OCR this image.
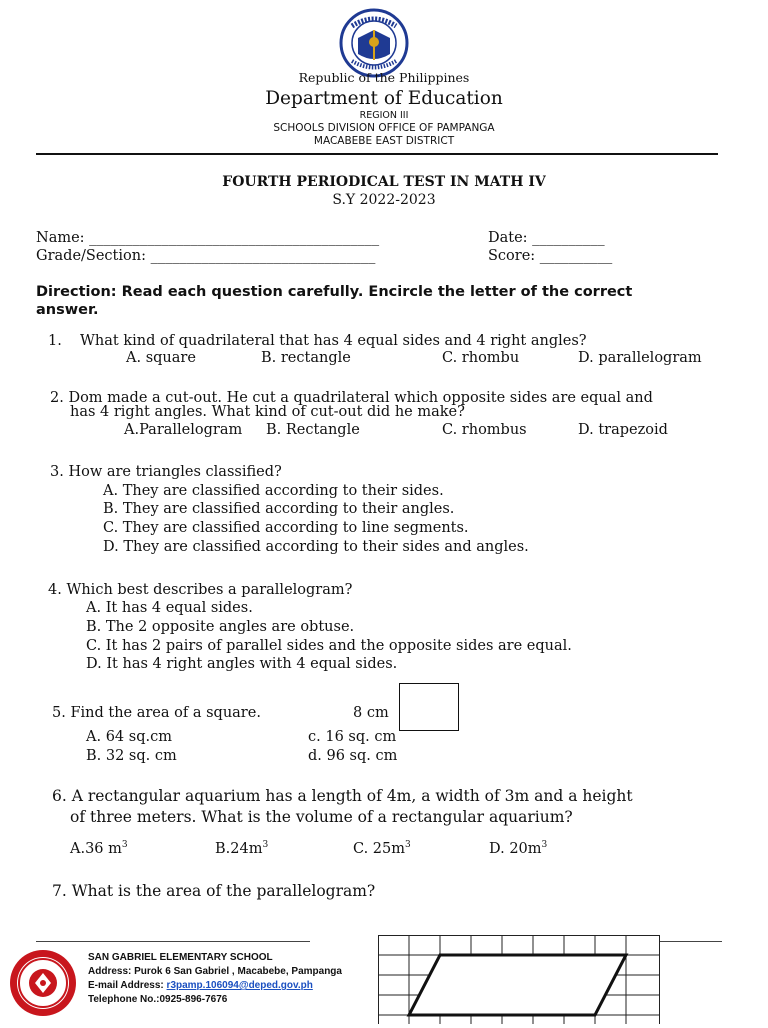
Republic of the Philippines
Department of Education
REGION III
SCHOOLS DIVISION OFFICE OF PAMPANGA
MACABEBE EAST DISTRICT
FOURTH PERIODICAL TEST IN MATH IV
S.Y 2022-2023
Name: ________________________________________	Date: __________
Grade/Section: _______________________________	Score: __________
Direction: Read each question carefully. Encircle the letter of the correct
answer.
1. What kind of quadrilateral that has 4 equal sides and 4 right angles?
A. square	B. rectangle	C. rhombu	D. parallelogram
2. Dom made a cut-out. He cut a quadrilateral which opposite sides are equal and
has 4 right angles. What kind of cut-out did he make?
A.Parallelogram B. Rectangle	C. rhombus	D. trapezoid
3. How are triangles classified?
A. They are classified according to their sides.
B. They are classified according to their angles.
C. They are classified according to line segments.
D. They are classified according to their sides and angles.
4. Which best describes a parallelogram?
A. It has 4 equal sides.
B. The 2 opposite angles are obtuse.
C. It has 2 pairs of parallel sides and the opposite sides are equal.
D. It has 4 right angles with 4 equal sides.
5. Find the area of a square.	8 cm
A. 64 sq.cm	c. 16 sq. cm
B. 32 sq. cm	d. 96 sq. cm
6. A rectangular aquarium has a length of 4m, a width of 3m and a height
of three meters. What is the volume of a rectangular aquarium?
A.36 $m^3$	$B.24m^3$	C. $25m^3$	D. $20m^3$
7. What is the area of the parallelogram?
SAN GABRIEL ELEMENTARY SCHOOL
Address: Purok 6 San Gabriel , Macabebe, Pampanga
E-mail Address: r3pamp.106094@deped.gov.ph
Telephone No.:0925-896-7676
